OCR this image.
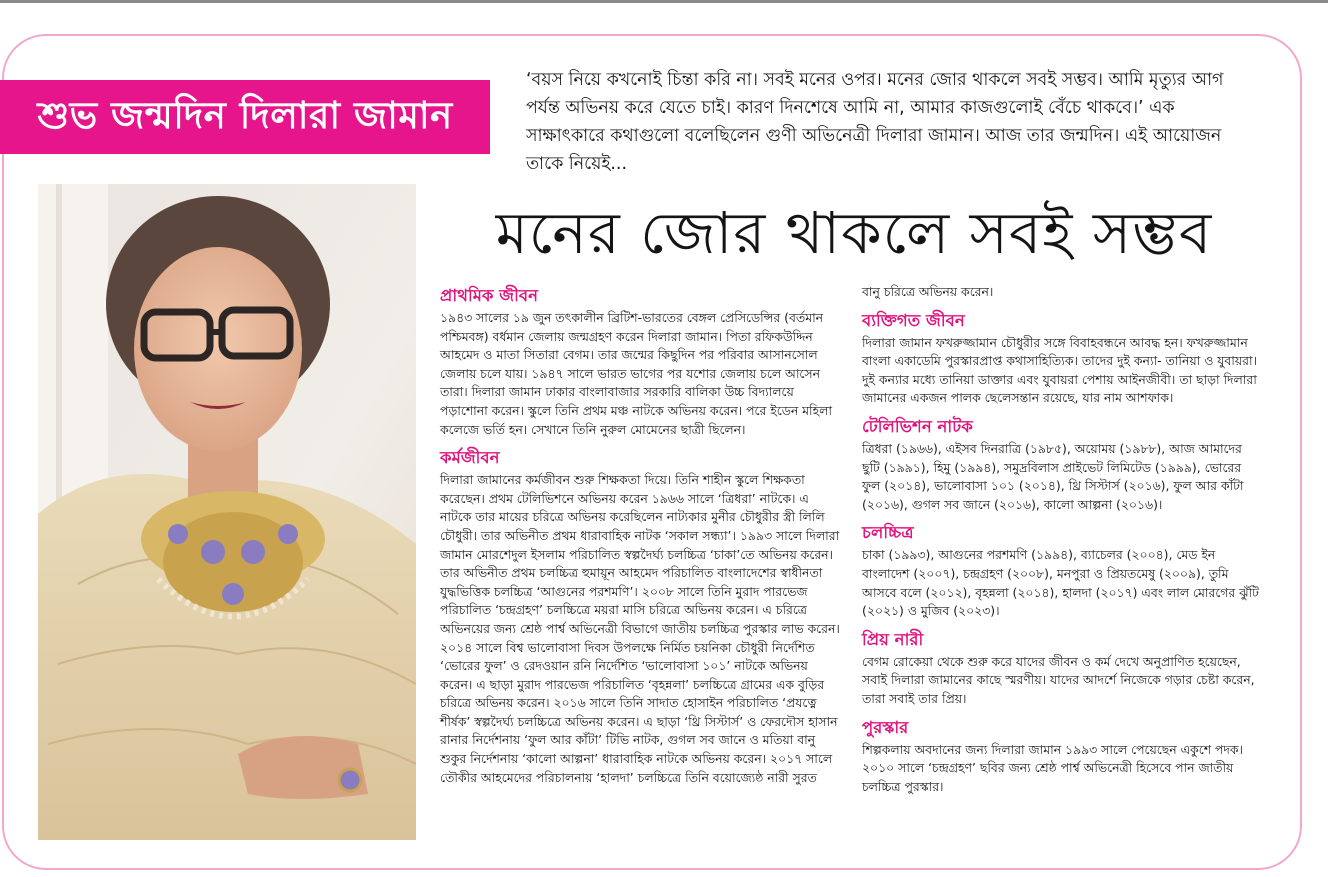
শুভ জন্মদিন দিলারা জামান
‘বয়স নিয়ে কখনোই চিন্তা করি না। সবই মনের ওপর। মনের জোর থাকলে সবই সম্ভব। আমি মৃত্যুর আগ পর্যন্ত অভিনয় করে যেতে চাই। কারণ দিনশেষে আমি না, আমার কাজগুলোই বেঁচে থাকবে।’ এক সাক্ষাৎকারে কথাগুলো বলেছিলেন গুণী অভিনেত্রী দিলারা জামান। আজ তার জন্মদিন। এই আয়োজন তাকে নিয়েই...
মনের জোর থাকলে সবই সম্ভব
প্রাথমিক জীবন

১৯৪৩ সালের ১৯ জুন তৎকালীন ব্রিটিশ-ভারতের বেঙ্গল প্রেসিডেন্সির (বর্তমান পশ্চিমবঙ্গ) বর্ধমান জেলায় জন্মগ্রহণ করেন দিলারা জামান। পিতা রফিকউদ্দিন আহমেদ ও মাতা সিতারা বেগম। তার জন্মের কিছুদিন পর পরিবার আসানসোল জেলায় চলে যায়। ১৯৪৭ সালে ভারত ভাগের পর যশোর জেলায় চলে আসেন তারা। দিলারা জামান ঢাকার বাংলাবাজার সরকারি বালিকা উচ্চ বিদ্যালয়ে পড়াশোনা করেন। স্কুলে তিনি প্রথম মঞ্চ নাটকে অভিনয় করেন। পরে ইডেন মহিলা কলেজে ভর্তি হন। সেখানে তিনি নুরুল মোমেনের ছাত্রী ছিলেন।

কর্মজীবন

দিলারা জামানের কর্মজীবন শুরু শিক্ষকতা দিয়ে। তিনি শাহীন স্কুলে শিক্ষকতা করেছেন। প্রথম টেলিভিশনে অভিনয় করেন ১৯৬৬ সালে ‘ত্রিধরা’ নাটকে। এ নাটকে তার মায়ের চরিত্রে অভিনয় করেছিলেন নাট্যকার মুনীর চৌধুরীর স্ত্রী লিলি চৌধুরী। তার অভিনীত প্রথম ধারাবাহিক নাটক ‘সকাল সন্ধ্যা’। ১৯৯৩ সালে দিলারা জামান মোরশেদুল ইসলাম পরিচালিত স্বল্পদৈর্ঘ্য চলচ্চিত্র ‘চাকা’তে অভিনয় করেন। তার অভিনীত প্রথম চলচ্চিত্র হুমায়ূন আহমেদ পরিচালিত বাংলাদেশের স্বাধীনতা যুদ্ধভিত্তিক চলচ্চিত্র ‘আগুনের পরশমণি’। ২০০৮ সালে তিনি মুরাদ পারভেজ পরিচালিত ‘চন্দ্রগ্রহণ’ চলচ্চিত্রে ময়রা মাসি চরিত্রে অভিনয় করেন। এ চরিত্রে অভিনয়ের জন্য শ্রেষ্ঠ পার্শ্ব অভিনেত্রী বিভাগে জাতীয় চলচ্চিত্র পুরস্কার লাভ করেন। ২০১৪ সালে বিশ্ব ভালোবাসা দিবস উপলক্ষে নির্মিত চয়নিকা চৌধুরী নির্দেশিত ‘ভোরের ফুল’ ও রেদওয়ান রনি নির্দেশিত ‘ভালোবাসা ১০১’ নাটকে অভিনয় করেন। এ ছাড়া মুরাদ পারভেজ পরিচালিত ‘বৃহন্নলা’ চলচ্চিত্রে গ্রামের এক বুড়ির চরিত্রে অভিনয় করেন। ২০১৬ সালে তিনি সাদাত হোসাইন পরিচালিত ‘প্রযত্নে শীর্ষক’ স্বল্পদৈর্ঘ্য চলচ্চিত্রে অভিনয় করেন। এ ছাড়া ‘থ্রি সিস্টার্স’ ও ফেরদৌস হাসান রানার নির্দেশনায় ‘ফুল আর কাঁটা’ টিভি নাটক, গুগল সব জানে ও মতিয়া বানু শুকুর নির্দেশনায় ‘কালো আল্পনা’ ধারাবাহিক নাটকে অভিনয় করেন। ২০১৭ সালে তৌকীর আহমেদের পরিচালনায় ‘হালদা’ চলচ্চিত্রে তিনি বয়োজ্যেষ্ঠ নারী সুরত

বানু চরিত্রে অভিনয় করেন।

ব্যক্তিগত জীবন

দিলারা জামান ফখরুজ্জামান চৌধুরীর সঙ্গে বিবাহবন্ধনে আবদ্ধ হন। ফখরুজ্জামান বাংলা একাডেমি পুরস্কারপ্রাপ্ত কথাসাহিত্যিক। তাদের দুই কন্যা- তানিয়া ও যুবায়রা। দুই কন্যার মধ্যে তানিয়া ডাক্তার এবং যুবায়রা পেশায় আইনজীবী। তা ছাড়া দিলারা জামানের একজন পালক ছেলেসন্তান রয়েছে, যার নাম আশফাক।

টেলিভিশন নাটক

ত্রিধরা (১৯৬৬), এইসব দিনরাত্রি (১৯৮৫), অয়োময় (১৯৮৮), আজ আমাদের ছুটি (১৯৯১), হিমু (১৯৯৪), সমুদ্রবিলাস প্রাইভেট লিমিটেড (১৯৯৯), ভোরের ফুল (২০১৪), ভালোবাসা ১০১ (২০১৪), থ্রি সিস্টার্স (২০১৬), ফুল আর কাঁটা (২০১৬), গুগল সব জানে (২০১৬), কালো আল্পনা (২০১৬)।

চলচ্চিত্র

চাকা (১৯৯৩), আগুনের পরশমণি (১৯৯৪), ব্যাচেলর (২০০৪), মেড ইন বাংলাদেশ (২০০৭), চন্দ্রগ্রহণ (২০০৮), মনপুরা ও প্রিয়তমেষু (২০০৯), তুমি আসবে বলে (২০১২), বৃহন্নলা (২০১৪), হালদা (২০১৭) এবং লাল মোরগের ঝুঁটি (২০২১) ও মুজিব (২০২৩)।

প্রিয় নারী

বেগম রোকেয়া থেকে শুরু করে যাদের জীবন ও কর্ম দেখে অনুপ্রাণিত হয়েছেন, সবাই দিলারা জামানের কাছে স্মরণীয়। যাদের আদর্শে নিজেকে গড়ার চেষ্টা করেন, তারা সবাই তার প্রিয়।

পুরস্কার

শিল্পকলায় অবদানের জন্য দিলারা জামান ১৯৯৩ সালে পেয়েছেন একুশে পদক। ২০১০ সালে ‘চন্দ্রগ্রহণ’ ছবির জন্য শ্রেষ্ঠ পার্শ্ব অভিনেত্রী হিসেবে পান জাতীয় চলচ্চিত্র পুরস্কার।
